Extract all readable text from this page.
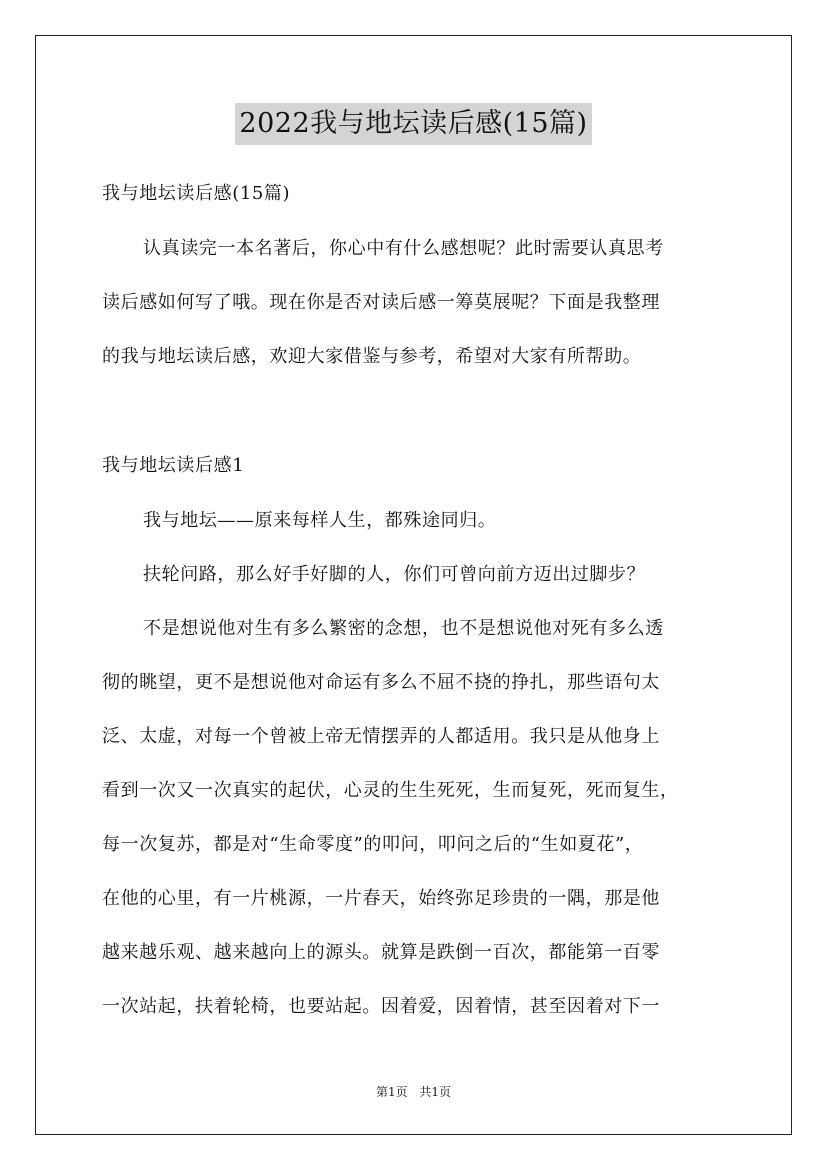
2022我与地坛读后感(15篇)
我与地坛读后感(15篇)
认真读完一本名著后，你心中有什么感想呢？此时需要认真思考
读后感如何写了哦。现在你是否对读后感一筹莫展呢？下面是我整理
的我与地坛读后感，欢迎大家借鉴与参考，希望对大家有所帮助。
我与地坛读后感1
我与地坛——原来每样人生，都殊途同归。
扶轮问路，那么好手好脚的人，你们可曾向前方迈出过脚步？
不是想说他对生有多么繁密的念想，也不是想说他对死有多么透
彻的眺望，更不是想说他对命运有多么不屈不挠的挣扎，那些语句太
泛、太虚，对每一个曾被上帝无情摆弄的人都适用。我只是从他身上
看到一次又一次真实的起伏，心灵的生生死死，生而复死，死而复生，
每一次复苏，都是对“生命零度”的叩问，叩问之后的“生如夏花”，
在他的心里，有一片桃源，一片春天，始终弥足珍贵的一隅，那是他
越来越乐观、越来越向上的源头。就算是跌倒一百次，都能第一百零
一次站起，扶着轮椅，也要站起。因着爱，因着情，甚至因着对下一
第1页 共1页
